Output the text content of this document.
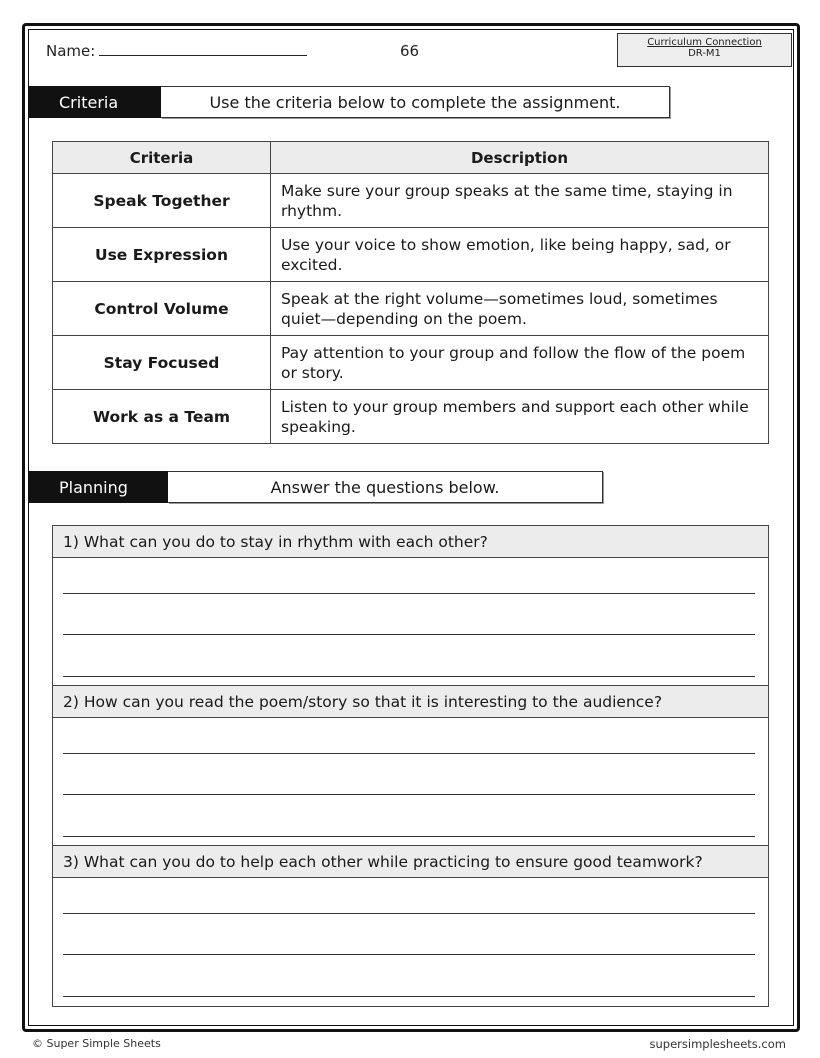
Name:	66	Curriculum Connection
DR-M1
Criteria	Use the criteria below to complete the assignment.
Criteria	Description
Speak Together	Make sure your group speaks at the same time, staying in rhythm.
Use Expression	Use your voice to show emotion, like being happy, sad, or excited.
Control Volume	Speak at the right volume—sometimes loud, sometimes quiet—depending on the poem.
Stay Focused	Pay attention to your group and follow the flow of the poem or story.
Work as a Team	Listen to your group members and support each other while speaking.
Planning	Answer the questions below.
1) What can you do to stay in rhythm with each other?
2) How can you read the poem/story so that it is interesting to the audience?
3) What can you do to help each other while practicing to ensure good teamwork?
© Super Simple Sheets	supersimplesheets.com
